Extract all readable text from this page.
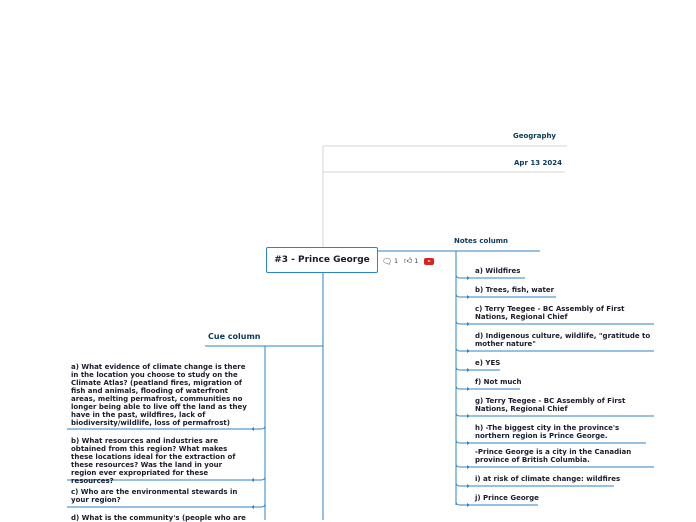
Geography
Apr 13 2024
#3 - Prince George 🗨︎ 1 👍︎ 1
Notes column
a) Wildfires
b) Trees, fish, water
c) Terry Teegee - BC Assembly of First Nations, Regional Chief
d) Indigenous culture, wildlife, "gratitude to mother nature"
e) YES
f) Not much
g) Terry Teegee - BC Assembly of First Nations, Regional Chief
h) -The biggest city in the province's northern region is Prince George.
-Prince George is a city in the Canadian province of British Columbia.
i) at risk of climate change: wildfires
j) Prince George
Cue column
a) What evidence of climate change is there in the location you choose to study on the Climate Atlas? (peatland fires, migration of fish and animals, flooding of waterfront areas, melting permafrost, communities no longer being able to live off the land as they have in the past, wildfires, lack of biodiversity/wildlife, loss of permafrost)
b) What resources and industries are obtained from this region? What makes these locations ideal for the extraction of these resources? Was the land in your region ever expropriated for these resources?
c) Who are the environmental stewards in your region?
d) What is the community's (people who are
